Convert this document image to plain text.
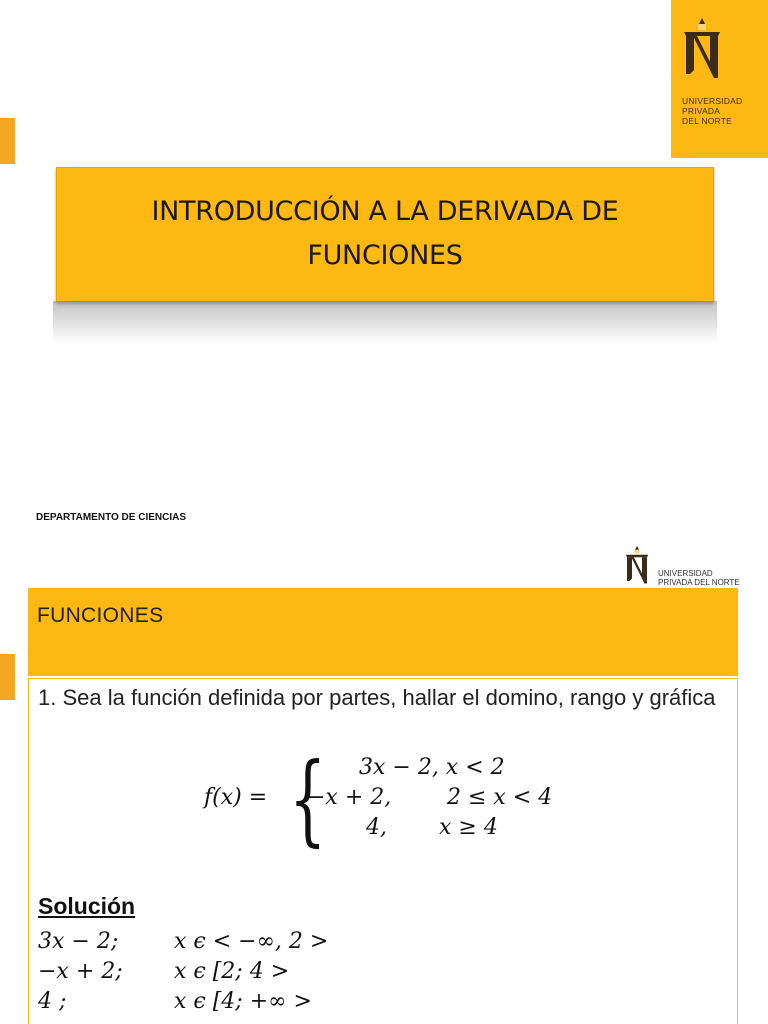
UNIVERSIDAD
PRIVADA
DEL NORTE
INTRODUCCIÓN A LA DERIVADA DE
FUNCIONES
DEPARTAMENTO DE CIENCIAS
UNIVERSIDAD
PRIVADA DEL NORTE
FUNCIONES
1. Sea la función definida por partes, hallar el domino, rango y gráfica
f(x) = { 3x − 2, x < 2
−x + 2,	2 ≤ x < 4
4, x ≥ 4
Solución
3x − 2;	x ϵ < −∞, 2 >
−x + 2; x ϵ [2; 4 >
4 ;	x ϵ [4; +∞ >
